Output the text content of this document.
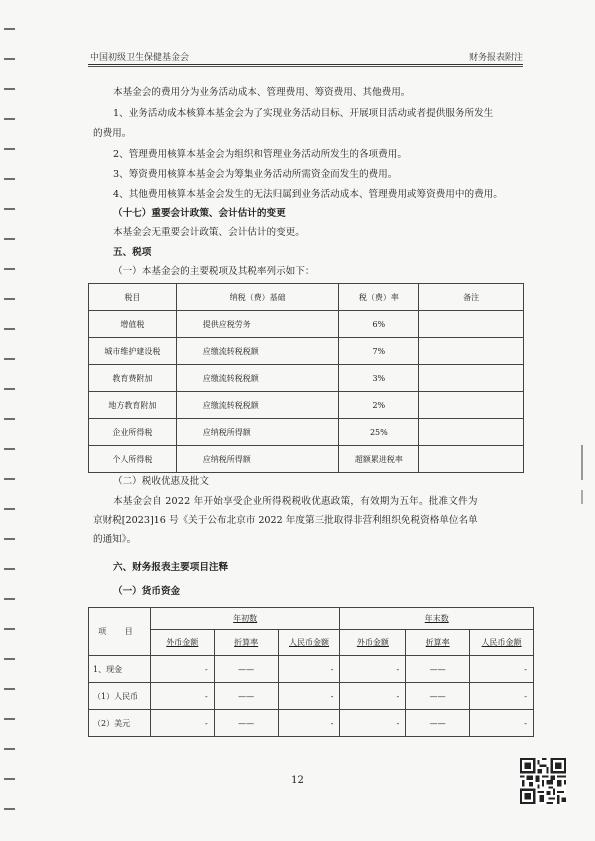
中国初级卫生保健基金会	财务报表附注
本基金会的费用分为业务活动成本、管理费用、筹资费用、其他费用。
1、业务活动成本核算本基金会为了实现业务活动目标、开展项目活动或者提供服务所发生
的费用。
2、管理费用核算本基金会为组织和管理业务活动所发生的各项费用。
3、筹资费用核算本基金会为筹集业务活动所需资金而发生的费用。
4、其他费用核算本基金会发生的无法归属到业务活动成本、管理费用或筹资费用中的费用。
（十七）重要会计政策、会计估计的变更
本基金会无重要会计政策、会计估计的变更。
五、税项
（一）本基金会的主要税项及其税率列示如下：
税目	纳税（费）基础	税（费）率	备注
增值税	提供应税劳务	6%	
城市维护建设税	应缴流转税税额	7%	
教育费附加	应缴流转税税额	3%	
地方教育附加	应缴流转税税额	2%	
企业所得税	应纳税所得额	25%	
个人所得税	应纳税所得额	超额累进税率	
（二）税收优惠及批文
本基金会自 2022 年开始享受企业所得税税收优惠政策，有效期为五年。批准文件为
京财税[2023]16 号《关于公布北京市 2022 年度第三批取得非营利组织免税资格单位名单
的通知》。
六、财务报表主要项目注释
（一）货币资金
项 目	年初数			年末数		
	外币金额	折算率	人民币金额	外币金额	折算率	人民币金额
1、现金	-	——	-	-	——	-
（1）人民币	-	——	-	-	——	-
（2）美元	-	——	-	-	——	-
12
